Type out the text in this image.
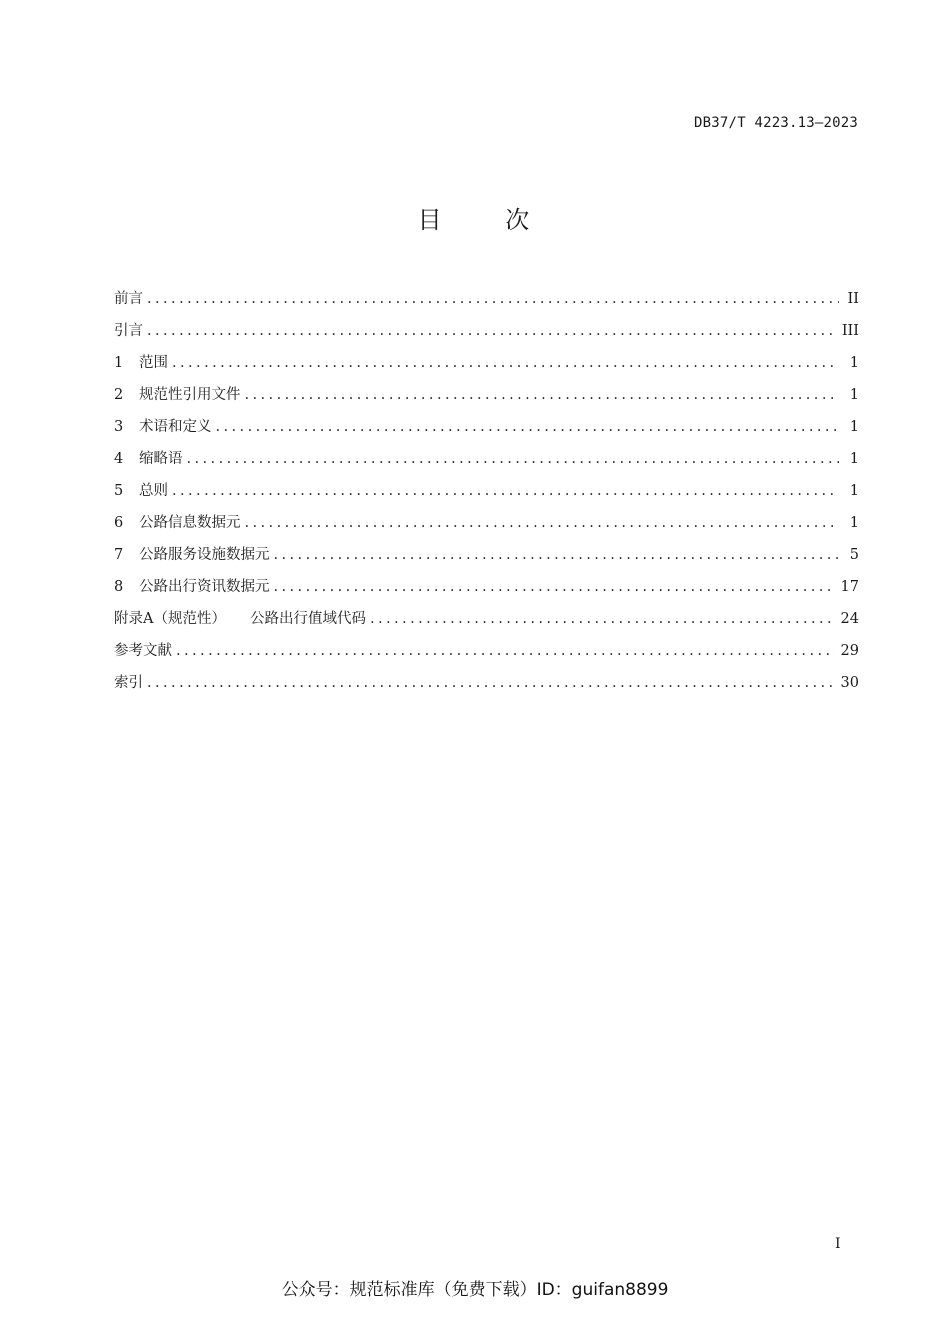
DB37/T 4223.13—2023
目 次
前言 . . .	II
引言 . . .	III
1	范围 . . .	1
2	规范性引用文件 . . .	1
3	术语和定义 . . .	1
4	缩略语 . . .	1
5	总则 . . .	1
6	公路信息数据元 . . .	1
7	公路服务设施数据元 . . .	5
8	公路出行资讯数据元 . . .	17
附录A（规范性） 公路出行值域代码 . . .	24
参考文献 . . .	29
索引 . . .	30
I
公众号：规范标准库（免费下载）ID：guifan8899
